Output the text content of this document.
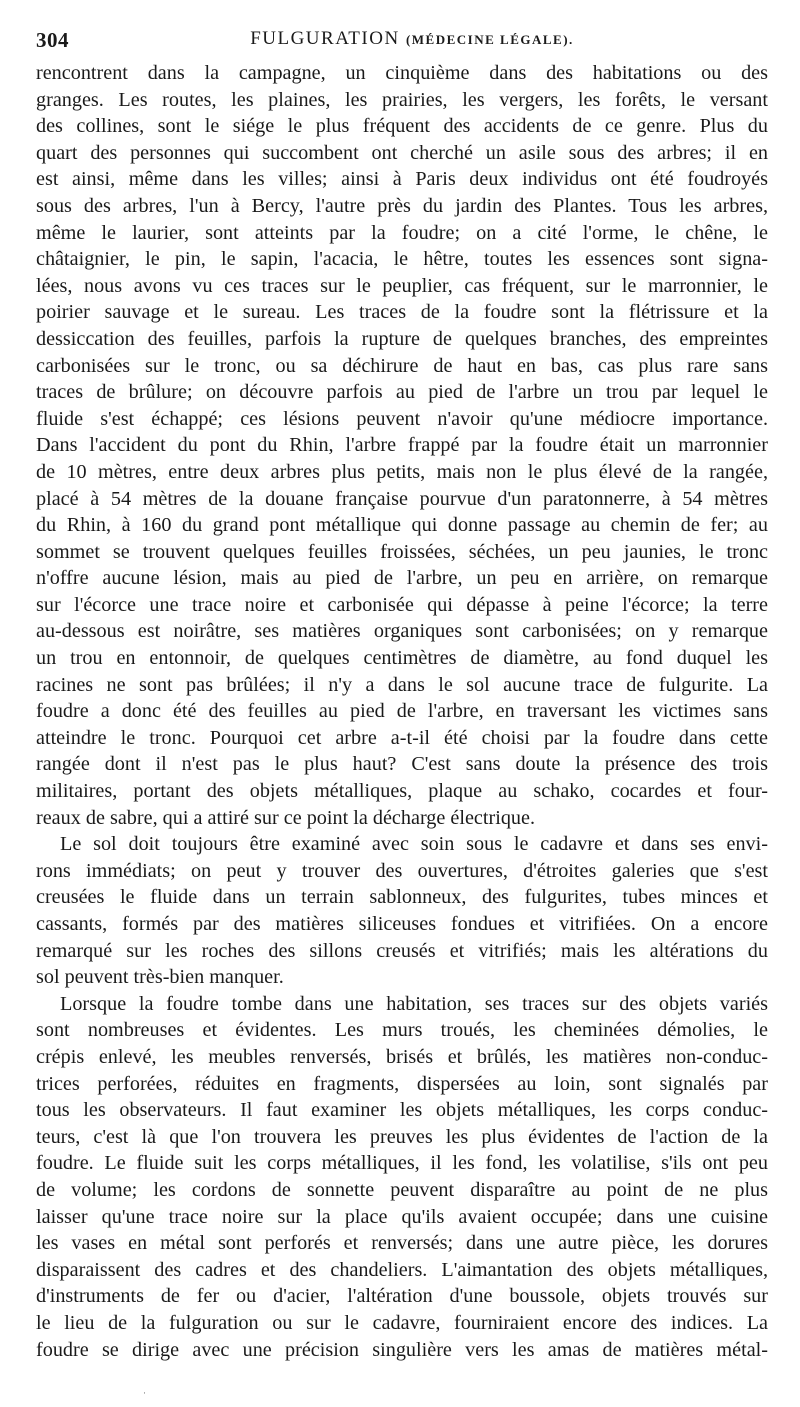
304	FULGURATION (MÉDECINE LÉGALE).
rencontrent dans la campagne, un cinquième dans des habitations ou des
granges. Les routes, les plaines, les prairies, les vergers, les forêts, le versant
des collines, sont le siége le plus fréquent des accidents de ce genre. Plus du
quart des personnes qui succombent ont cherché un asile sous des arbres; il en
est ainsi, même dans les villes; ainsi à Paris deux individus ont été foudroyés
sous des arbres, l'un à Bercy, l'autre près du jardin des Plantes. Tous les arbres,
même le laurier, sont atteints par la foudre; on a cité l'orme, le chêne, le
châtaignier, le pin, le sapin, l'acacia, le hêtre, toutes les essences sont signa-
lées, nous avons vu ces traces sur le peuplier, cas fréquent, sur le marronnier, le
poirier sauvage et le sureau. Les traces de la foudre sont la flétrissure et la
dessiccation des feuilles, parfois la rupture de quelques branches, des empreintes
carbonisées sur le tronc, ou sa déchirure de haut en bas, cas plus rare sans
traces de brûlure; on découvre parfois au pied de l'arbre un trou par lequel le
fluide s'est échappé; ces lésions peuvent n'avoir qu'une médiocre importance.
Dans l'accident du pont du Rhin, l'arbre frappé par la foudre était un marronnier
de 10 mètres, entre deux arbres plus petits, mais non le plus élevé de la rangée,
placé à 54 mètres de la douane française pourvue d'un paratonnerre, à 54 mètres
du Rhin, à 160 du grand pont métallique qui donne passage au chemin de fer; au
sommet se trouvent quelques feuilles froissées, séchées, un peu jaunies, le tronc
n'offre aucune lésion, mais au pied de l'arbre, un peu en arrière, on remarque
sur l'écorce une trace noire et carbonisée qui dépasse à peine l'écorce; la terre
au-dessous est noirâtre, ses matières organiques sont carbonisées; on y remarque
un trou en entonnoir, de quelques centimètres de diamètre, au fond duquel les
racines ne sont pas brûlées; il n'y a dans le sol aucune trace de fulgurite. La
foudre a donc été des feuilles au pied de l'arbre, en traversant les victimes sans
atteindre le tronc. Pourquoi cet arbre a-t-il été choisi par la foudre dans cette
rangée dont il n'est pas le plus haut? C'est sans doute la présence des trois
militaires, portant des objets métalliques, plaque au schako, cocardes et four-
reaux de sabre, qui a attiré sur ce point la décharge électrique.
Le sol doit toujours être examiné avec soin sous le cadavre et dans ses envi-
rons immédiats; on peut y trouver des ouvertures, d'étroites galeries que s'est
creusées le fluide dans un terrain sablonneux, des fulgurites, tubes minces et
cassants, formés par des matières siliceuses fondues et vitrifiées. On a encore
remarqué sur les roches des sillons creusés et vitrifiés; mais les altérations du
sol peuvent très-bien manquer.
Lorsque la foudre tombe dans une habitation, ses traces sur des objets variés
sont nombreuses et évidentes. Les murs troués, les cheminées démolies, le
crépis enlevé, les meubles renversés, brisés et brûlés, les matières non-conduc-
trices perforées, réduites en fragments, dispersées au loin, sont signalés par
tous les observateurs. Il faut examiner les objets métalliques, les corps conduc-
teurs, c'est là que l'on trouvera les preuves les plus évidentes de l'action de la
foudre. Le fluide suit les corps métalliques, il les fond, les volatilise, s'ils ont peu
de volume; les cordons de sonnette peuvent disparaître au point de ne plus
laisser qu'une trace noire sur la place qu'ils avaient occupée; dans une cuisine
les vases en métal sont perforés et renversés; dans une autre pièce, les dorures
disparaissent des cadres et des chandeliers. L'aimantation des objets métalliques,
d'instruments de fer ou d'acier, l'altération d'une boussole, objets trouvés sur
le lieu de la fulguration ou sur le cadavre, fourniraient encore des indices. La
foudre se dirige avec une précision singulière vers les amas de matières métal-
·
